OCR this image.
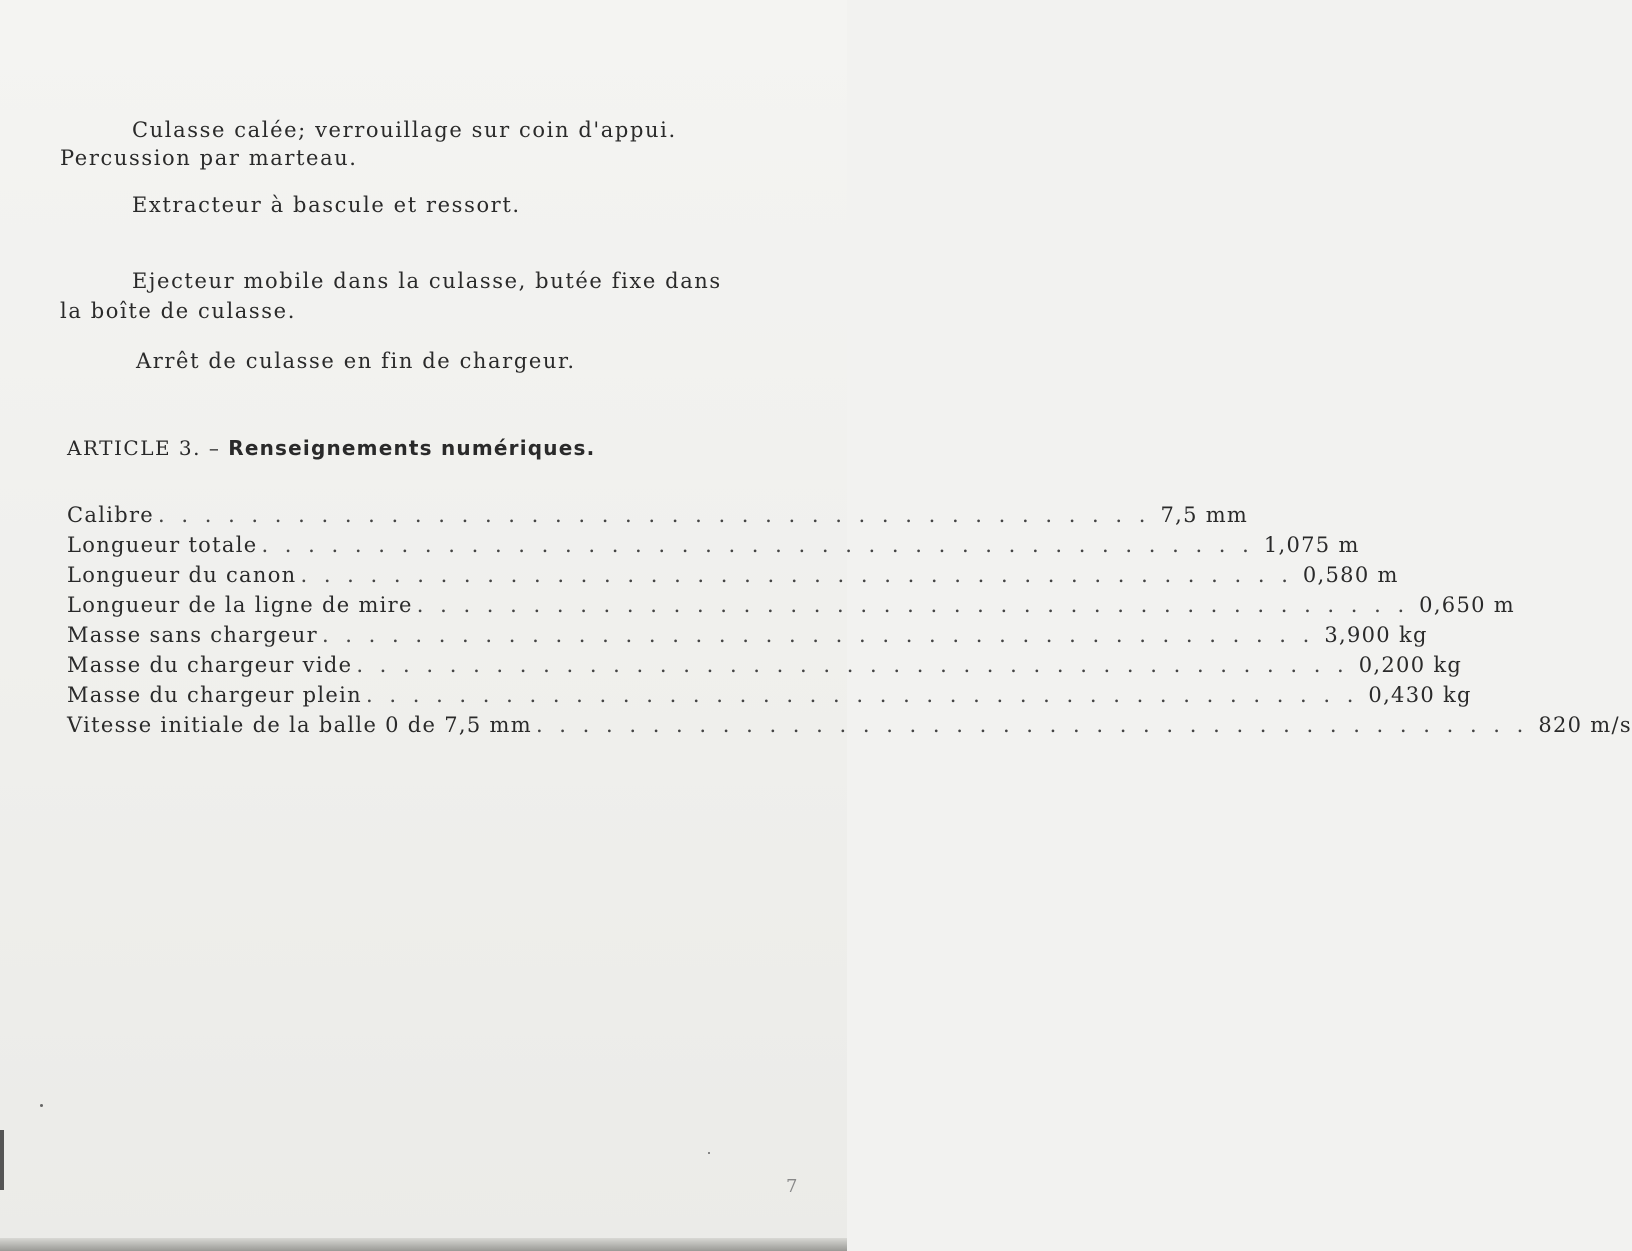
Culasse calée; verrouillage sur coin d'appui.
Percussion par marteau.
Extracteur à bascule et ressort.
Ejecteur mobile dans la culasse, butée fixe dans
la boîte de culasse.
Arrêt de culasse en fin de chargeur.
ARTICLE 3. – Renseignements numériques.
Calibre . . . . . . . . . . . . . . . . . . . . . . . . . . . . . . . . . . . . . . . . . . . 7,5 mm
Longueur totale . . . . . . . . . . . . . . . . . . . . . . . . . . . . . . . . . . . . . . . . . . . 1,075 m
Longueur du canon . . . . . . . . . . . . . . . . . . . . . . . . . . . . . . . . . . . . . . . . . . . 0,580 m
Longueur de la ligne de mire . . . . . . . . . . . . . . . . . . . . . . . . . . . . . . . . . . . . . . . . . . . 0,650 m
Masse sans chargeur . . . . . . . . . . . . . . . . . . . . . . . . . . . . . . . . . . . . . . . . . . . 3,900 kg
Masse du chargeur vide . . . . . . . . . . . . . . . . . . . . . . . . . . . . . . . . . . . . . . . . . . . 0,200 kg
Masse du chargeur plein . . . . . . . . . . . . . . . . . . . . . . . . . . . . . . . . . . . . . . . . . . . 0,430 kg
Vitesse initiale de la balle 0 de 7,5 mm . . . . . . . . . . . . . . . . . . . . . . . . . . . . . . . . . . . . . . . . . . . 820 m/s
7
